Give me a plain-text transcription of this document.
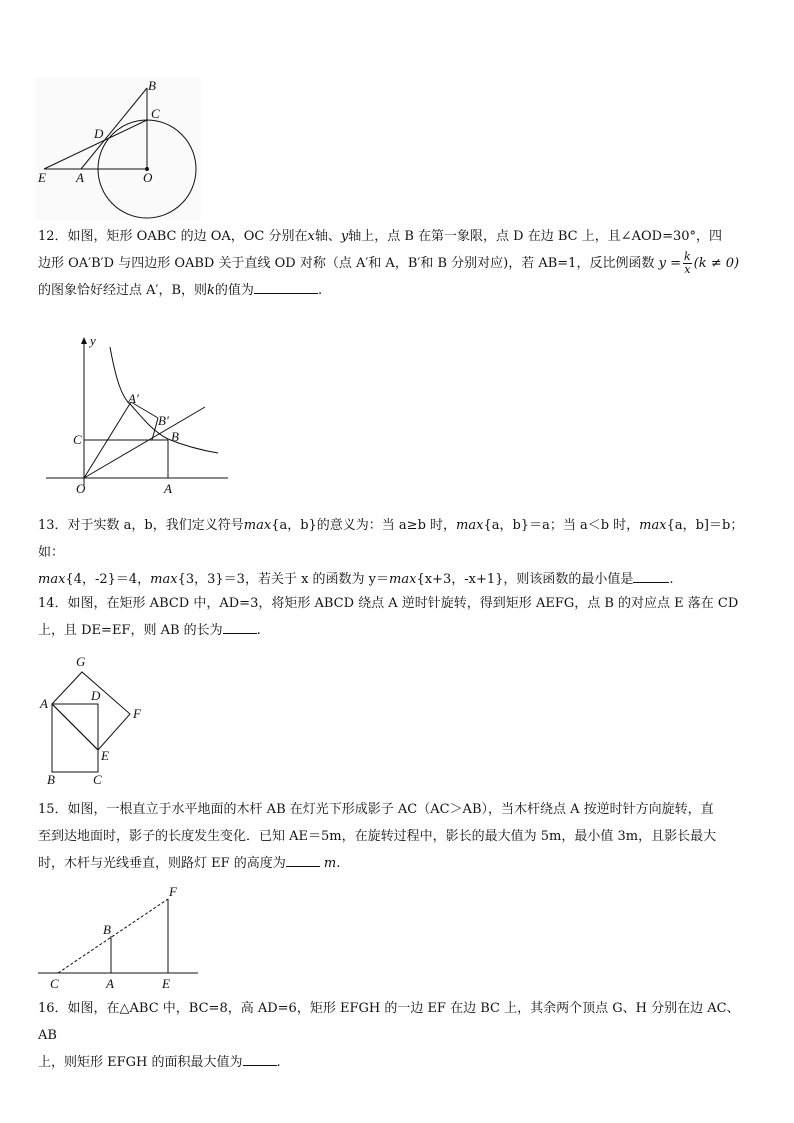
B
C
D
E A	O

12．如图，矩形 OABC 的边 OA，OC 分别在x轴、y轴上，点 B 在第一象限，点 D 在边 BC 上，且∠AOD=30°，四
边形 OA′B′D 与四边形 OABD 关于直线 OD 对称（点 A′和 A，B′和 B 分别对应)，若 AB=1，反比例函数 $y = \frac{k}{x} (k \ne 0)$
的图象恰好经过点 A′，B，则k的值为	.

y
A′
B′
C	B
O	A

13．对于实数 a，b，我们定义符号max{a，b}的意义为：当 a≥b 时，max{a，b}＝a；当 a＜b 时，max{a，b]＝b；如：
max{4，-2}＝4，max{3，3}＝3，若关于 x 的函数为 y＝max{x+3，-x+1}，则该函数的最小值是	.

14．如图，在矩形 ABCD 中，AD=3，将矩形 ABCD 绕点 A 逆时针旋转，得到矩形 AEFG，点 B 的对应点 E 落在 CD
上，且 DE=EF，则 AB 的长为	.

G
A
D
F
E
B	C

15．如图，一根直立于水平地面的木杆 AB 在灯光下形成影子 AC（AC＞AB），当木杆绕点 A 按逆时针方向旋转，直
至到达地面时，影子的长度发生变化．已知 AE＝5m，在旋转过程中，影长的最大值为 5m，最小值 3m，且影长最大
时，木杆与光线垂直，则路灯 EF 的高度为	m.

F
B
C	A	E

16．如图，在△ABC 中，BC=8，高 AD=6，矩形 EFGH 的一边 EF 在边 BC 上，其余两个顶点 G、H 分别在边 AC、AB
上，则矩形 EFGH 的面积最大值为	.
